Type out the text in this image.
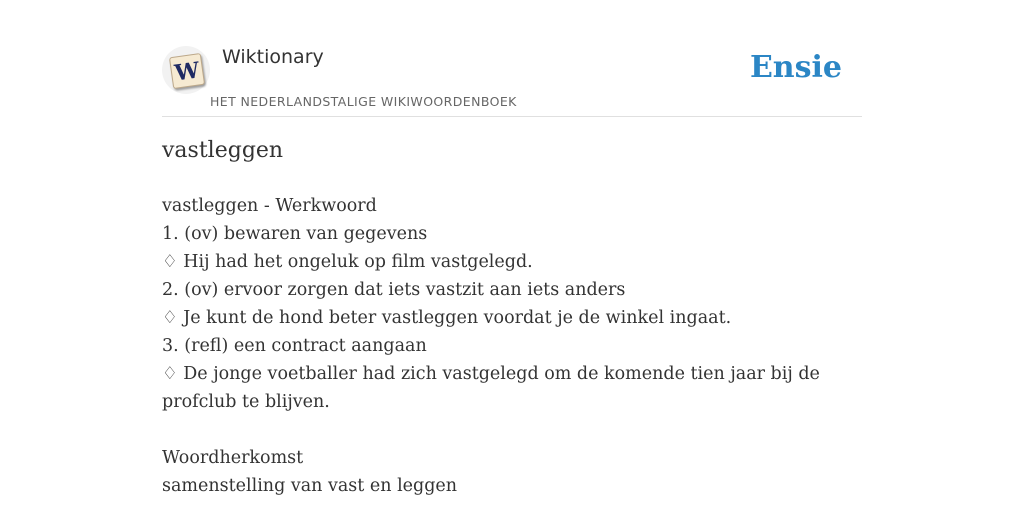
W
Wiktionary
HET NEDERLANDSTALIGE WIKIWOORDENBOEK
Ensie
vastleggen
vastleggen - Werkwoord
1. (ov) bewaren van gegevens
♢ Hij had het ongeluk op film vastgelegd.
2. (ov) ervoor zorgen dat iets vastzit aan iets anders
♢ Je kunt de hond beter vastleggen voordat je de winkel ingaat.
3. (refl) een contract aangaan
♢ De jonge voetballer had zich vastgelegd om de komende tien jaar bij de profclub te blijven.
Woordherkomst
samenstelling van vast en leggen
